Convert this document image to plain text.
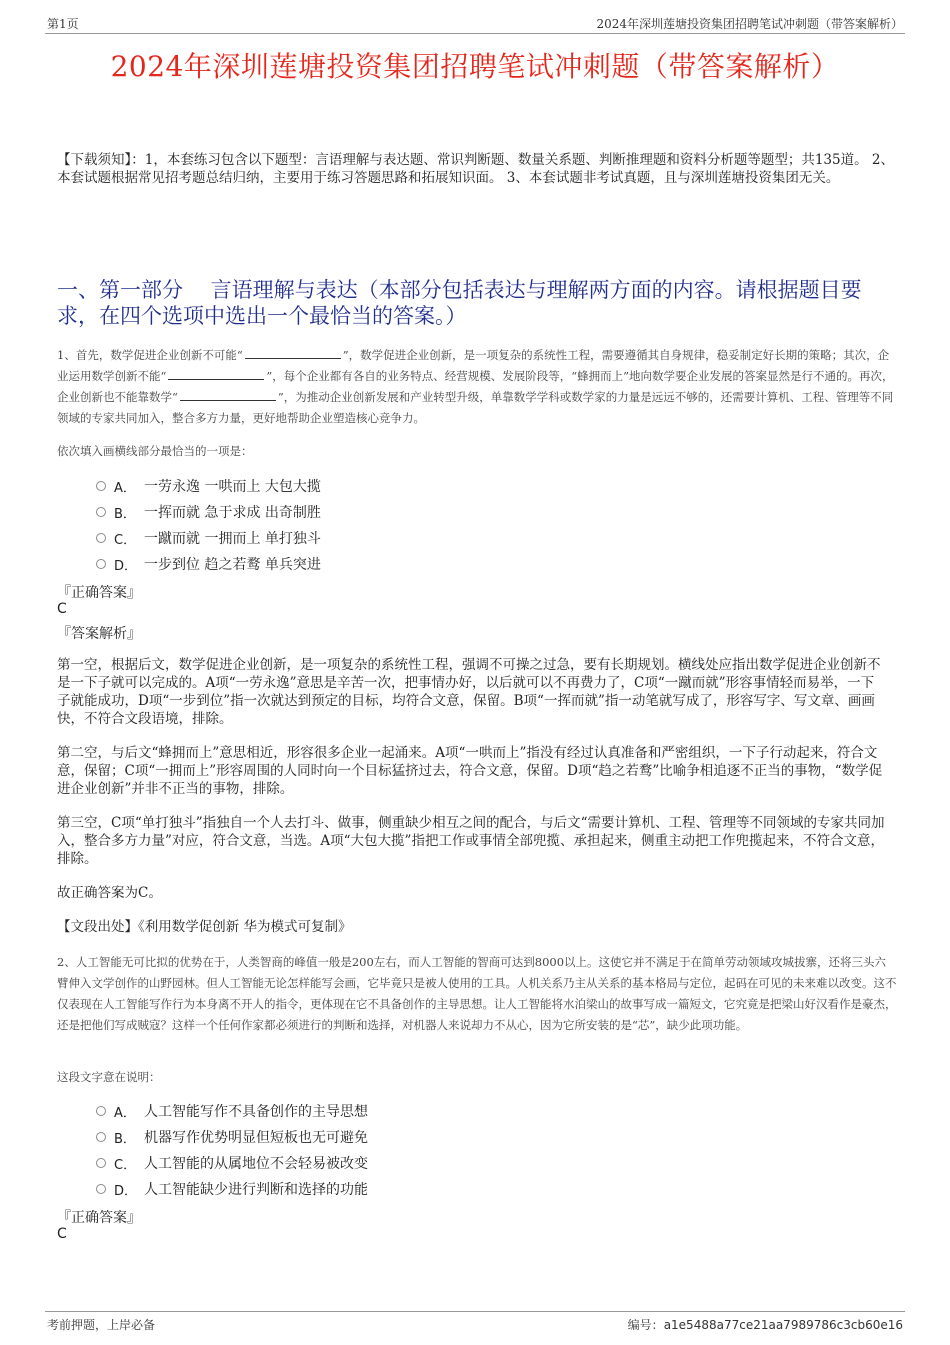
第1页	2024年深圳莲塘投资集团招聘笔试冲刺题（带答案解析）
2024年深圳莲塘投资集团招聘笔试冲刺题（带答案解析）
【下载须知】：1，本套练习包含以下题型：言语理解与表达题、常识判断题、数量关系题、判断推理题和资料分析题等题型；共135道。 2、本套试题根据常见招考题总结归纳，主要用于练习答题思路和拓展知识面。 3、本套试题非考试真题，且与深圳莲塘投资集团无关。
一、第一部分　 言语理解与表达（本部分包括表达与理解两方面的内容。请根据题目要求，在四个选项中选出一个最恰当的答案。）
1、首先，数学促进企业创新不可能“	”，数学促进企业创新，是一项复杂的系统性工程，需要遵循其自身规律，稳妥制定好长期的策略；其次，企业运用数学创新不能“	”，每个企业都有各自的业务特点、经营规模、发展阶段等，“蜂拥而上”地向数学要企业发展的答案显然是行不通的。再次，企业创新也不能靠数学“	”，为推动企业创新发展和产业转型升级，单靠数学学科或数学家的力量是远远不够的，还需要计算机、工程、管理等不同领域的专家共同加入，整合多方力量，更好地帮助企业塑造核心竞争力。
依次填入画横线部分最恰当的一项是：
A． 一劳永逸 一哄而上 大包大揽
B． 一挥而就 急于求成 出奇制胜
C． 一蹴而就 一拥而上 单打独斗
D． 一步到位 趋之若鹜 单兵突进
『正确答案』
C
『答案解析』
第一空，根据后文，数学促进企业创新，是一项复杂的系统性工程，强调不可操之过急，要有长期规划。横线处应指出数学促进企业创新不是一下子就可以完成的。A项“一劳永逸”意思是辛苦一次，把事情办好，以后就可以不再费力了，C项“一蹴而就”形容事情轻而易举，一下子就能成功，D项“一步到位”指一次就达到预定的目标，均符合文意，保留。B项“一挥而就”指一动笔就写成了，形容写字、写文章、画画快，不符合文段语境，排除。
第二空，与后文“蜂拥而上”意思相近，形容很多企业一起涌来。A项“一哄而上”指没有经过认真准备和严密组织，一下子行动起来，符合文意，保留；C项“一拥而上”形容周围的人同时向一个目标猛挤过去，符合文意，保留。D项“趋之若鹜”比喻争相追逐不正当的事物，“数学促进企业创新”并非不正当的事物，排除。
第三空，C项“单打独斗”指独自一个人去打斗、做事，侧重缺少相互之间的配合，与后文“需要计算机、工程、管理等不同领域的专家共同加入，整合多方力量”对应，符合文意，当选。A项“大包大揽”指把工作或事情全部兜揽、承担起来，侧重主动把工作兜揽起来，不符合文意，排除。
故正确答案为C。
【文段出处】《利用数学促创新 华为模式可复制》
2、人工智能无可比拟的优势在于，人类智商的峰值一般是200左右，而人工智能的智商可达到8000以上。这使它并不满足于在简单劳动领域攻城拔寨，还将三头六臂伸入文学创作的山野园林。但人工智能无论怎样能写会画，它毕竟只是被人使用的工具。人机关系乃主从关系的基本格局与定位，起码在可见的未来难以改变。这不仅表现在人工智能写作行为本身离不开人的指令，更体现在它不具备创作的主导思想。让人工智能将水泊梁山的故事写成一篇短文，它究竟是把梁山好汉看作是豪杰，还是把他们写成贼寇？这样一个任何作家都必须进行的判断和选择，对机器人来说却力不从心，因为它所安装的是“芯”，缺少此项功能。
这段文字意在说明：
A． 人工智能写作不具备创作的主导思想
B． 机器写作优势明显但短板也无可避免
C． 人工智能的从属地位不会轻易被改变
D． 人工智能缺少进行判断和选择的功能
『正确答案』
C
考前押题，上岸必备	编号：a1e5488a77ce21aa7989786c3cb60e16
